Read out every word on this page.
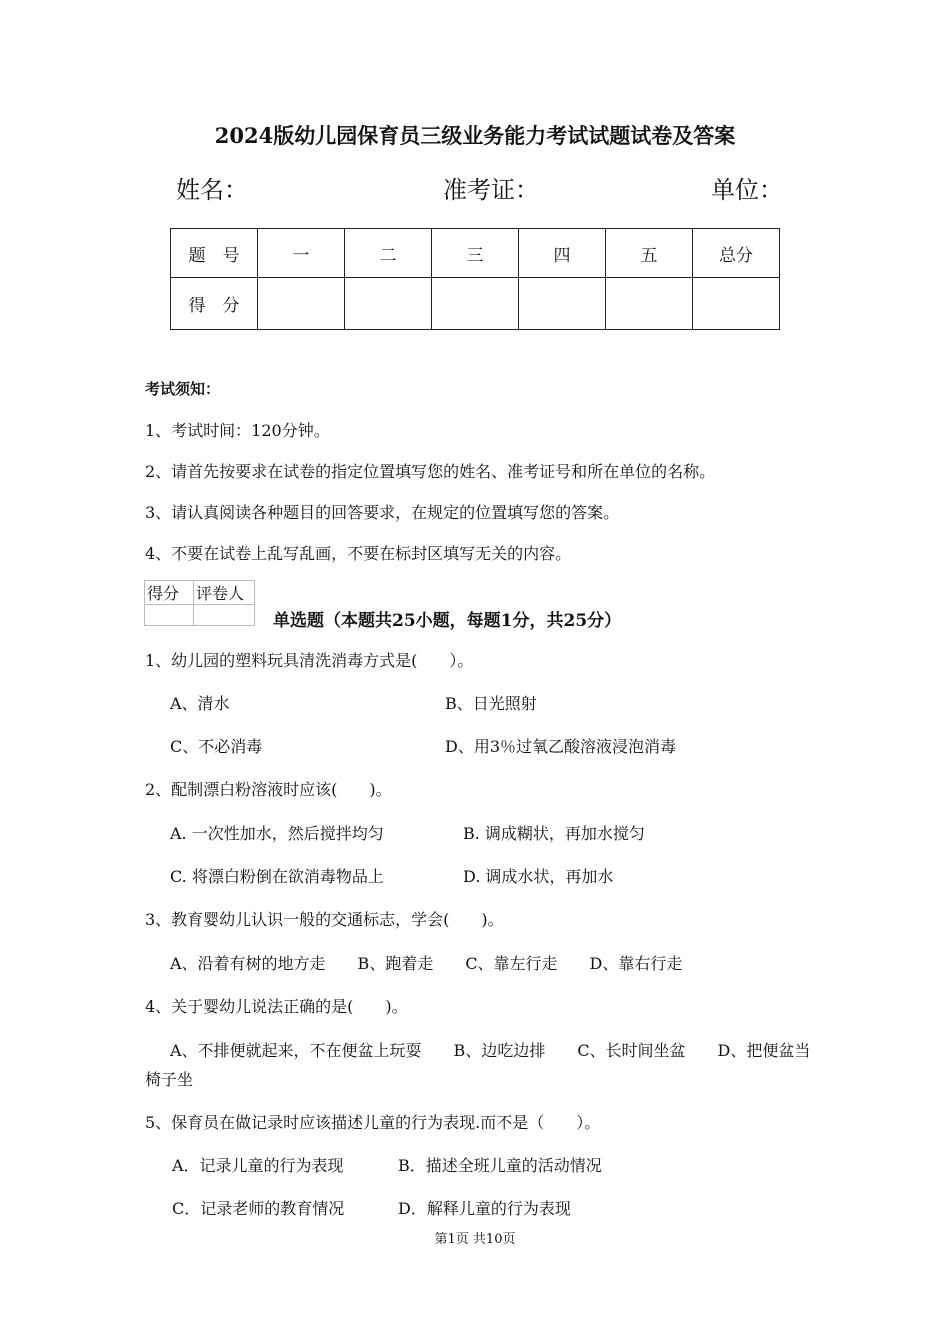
2024版幼儿园保育员三级业务能力考试试题试卷及答案
姓名：	准考证：	单位：
题　号	一	二	三	四	五	总分
得　分						
考试须知：
1、考试时间：120分钟。
2、请首先按要求在试卷的指定位置填写您的姓名、准考证号和所在单位的名称。
3、请认真阅读各种题目的回答要求，在规定的位置填写您的答案。
4、不要在试卷上乱写乱画，不要在标封区填写无关的内容。
得分	评卷人

单选题（本题共25小题，每题1分，共25分）
1、幼儿园的塑料玩具清洗消毒方式是(　　）。
A、清水	B、日光照射
C、不必消毒	D、用3％过氧乙酸溶液浸泡消毒
2、配制漂白粉溶液时应该(　　)。
A. 一次性加水，然后搅拌均匀	B. 调成糊状，再加水搅匀
C. 将漂白粉倒在欲消毒物品上	D. 调成水状，再加水
3、教育婴幼儿认识一般的交通标志，学会(　　)。
A、沿着有树的地方走　　B、跑着走　　C、靠左行走　　D、靠右行走
4、关于婴幼儿说法正确的是(　　)。
A、不排便就起来，不在便盆上玩耍　　B、边吃边排　　C、长时间坐盆　　D、把便盆当
椅子坐
5、保育员在做记录时应该描述儿童的行为表现.而不是（　　）。
A．记录儿童的行为表现	B．描述全班儿童的活动情况
C．记录老师的教育情况	D．解释儿童的行为表现
第1页 共10页
